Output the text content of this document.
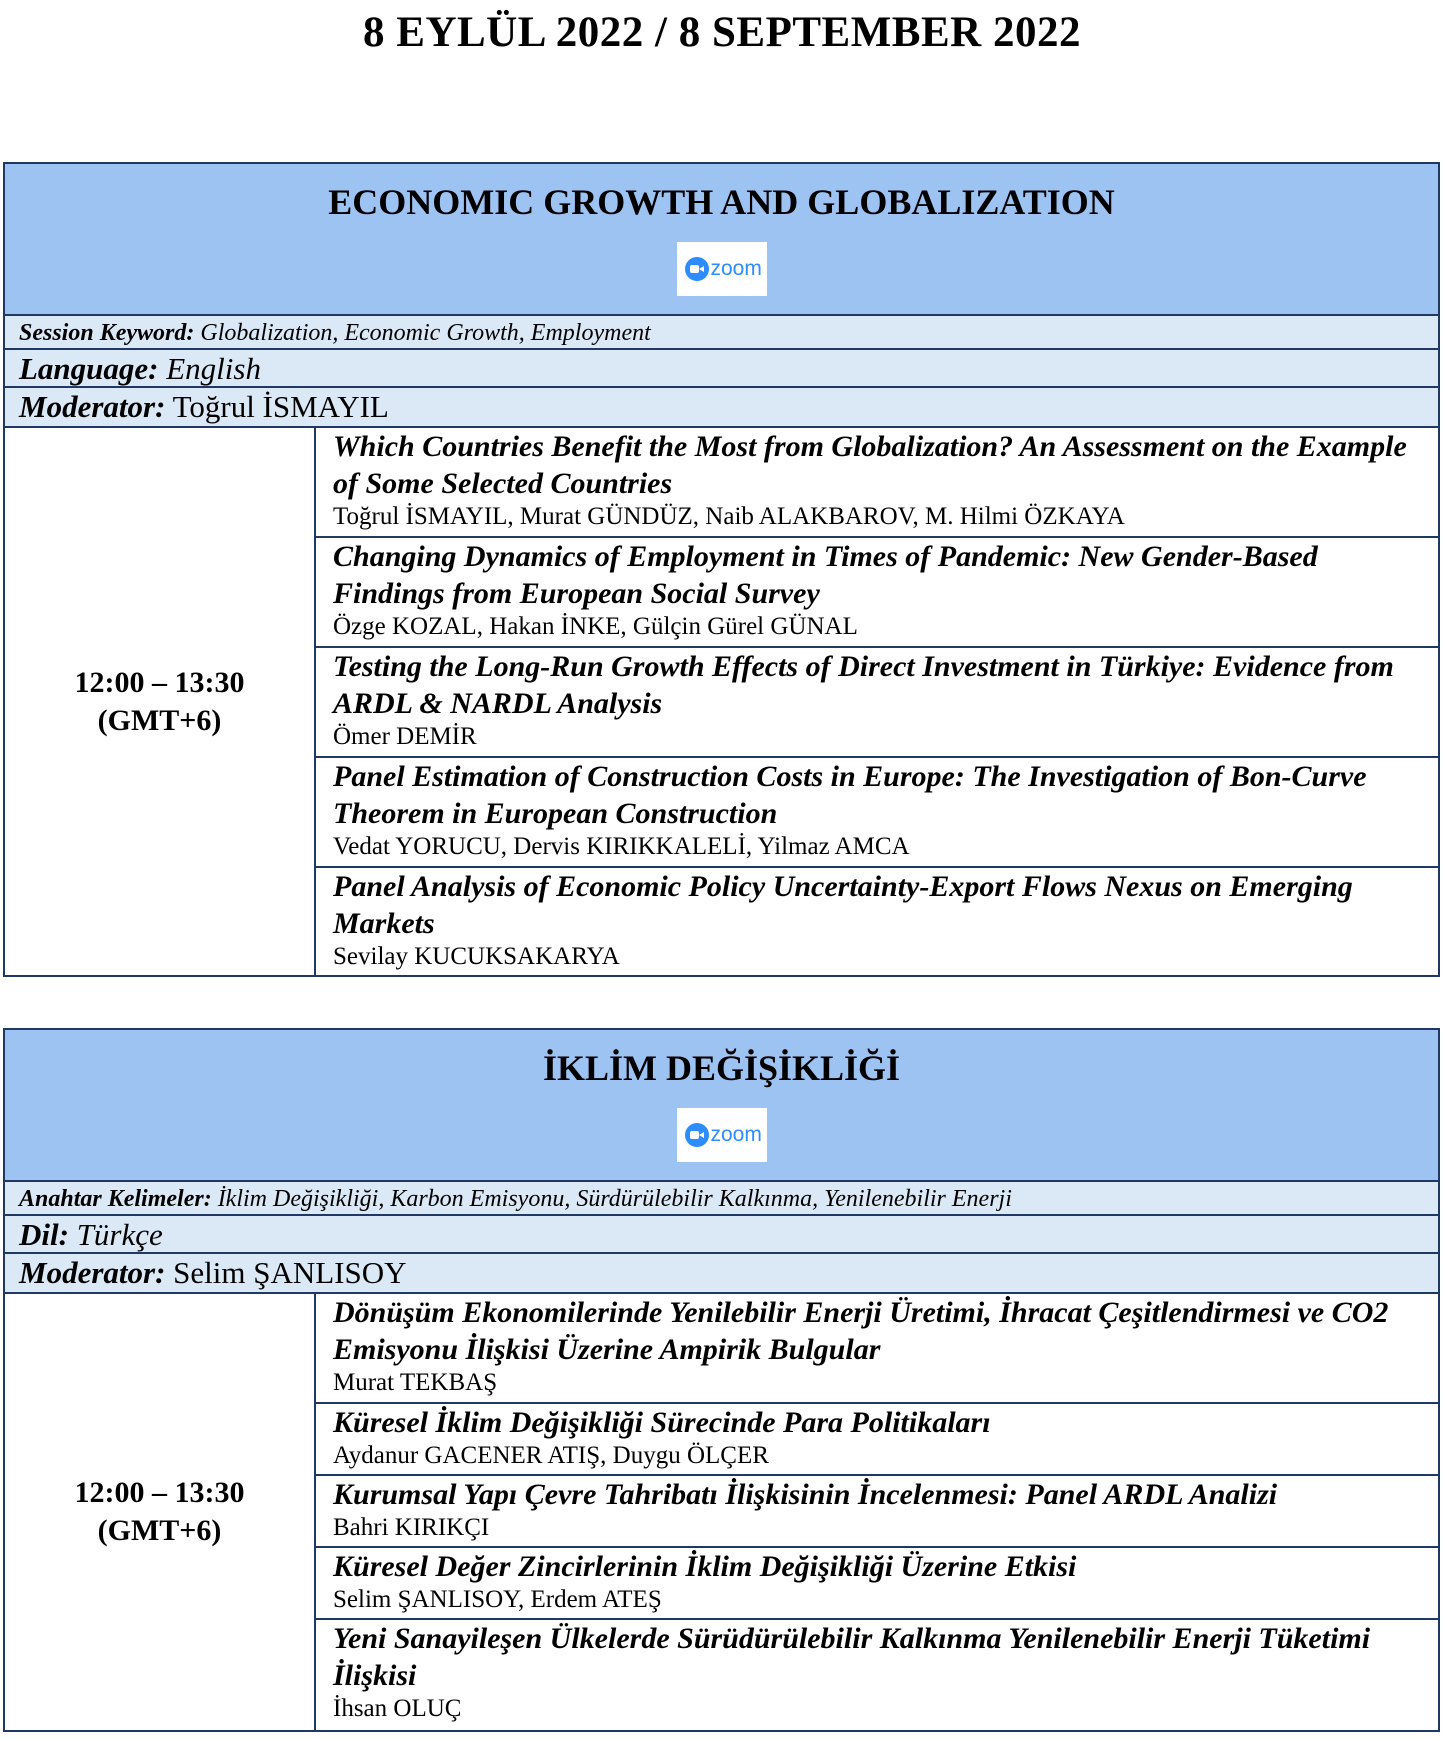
8 EYLÜL 2022 / 8 SEPTEMBER 2022
ECONOMIC GROWTH AND GLOBALIZATION
zoom
Session Keyword: Globalization, Economic Growth, Employment
Language: English
Moderator: Toğrul İSMAYIL
12:00 – 13:30
(GMT+6)
Which Countries Benefit the Most from Globalization? An Assessment on the Example of Some Selected Countries
Toğrul İSMAYIL, Murat GÜNDÜZ, Naib ALAKBAROV, M. Hilmi ÖZKAYA
Changing Dynamics of Employment in Times of Pandemic: New Gender-Based Findings from European Social Survey
Özge KOZAL, Hakan İNKE, Gülçin Gürel GÜNAL
Testing the Long-Run Growth Effects of Direct Investment in Türkiye: Evidence from ARDL & NARDL Analysis
Ömer DEMİR
Panel Estimation of Construction Costs in Europe: The Investigation of Bon-Curve Theorem in European Construction
Vedat YORUCU, Dervis KIRIKKALELİ, Yilmaz AMCA
Panel Analysis of Economic Policy Uncertainty-Export Flows Nexus on Emerging Markets
Sevilay KUCUKSAKARYA
İKLİM DEĞİŞİKLİĞİ
zoom
Anahtar Kelimeler: İklim Değişikliği, Karbon Emisyonu, Sürdürülebilir Kalkınma, Yenilenebilir Enerji
Dil: Türkçe
Moderator: Selim ŞANLISOY
12:00 – 13:30
(GMT+6)
Dönüşüm Ekonomilerinde Yenilebilir Enerji Üretimi, İhracat Çeşitlendirmesi ve CO2 Emisyonu İlişkisi Üzerine Ampirik Bulgular
Murat TEKBAŞ
Küresel İklim Değişikliği Sürecinde Para Politikaları
Aydanur GACENER ATIŞ, Duygu ÖLÇER
Kurumsal Yapı Çevre Tahribatı İlişkisinin İncelenmesi: Panel ARDL Analizi
Bahri KIRIKÇI
Küresel Değer Zincirlerinin İklim Değişikliği Üzerine Etkisi
Selim ŞANLISOY, Erdem ATEŞ
Yeni Sanayileşen Ülkelerde Sürüdürülebilir Kalkınma Yenilenebilir Enerji Tüketimi İlişkisi
İhsan OLUÇ
